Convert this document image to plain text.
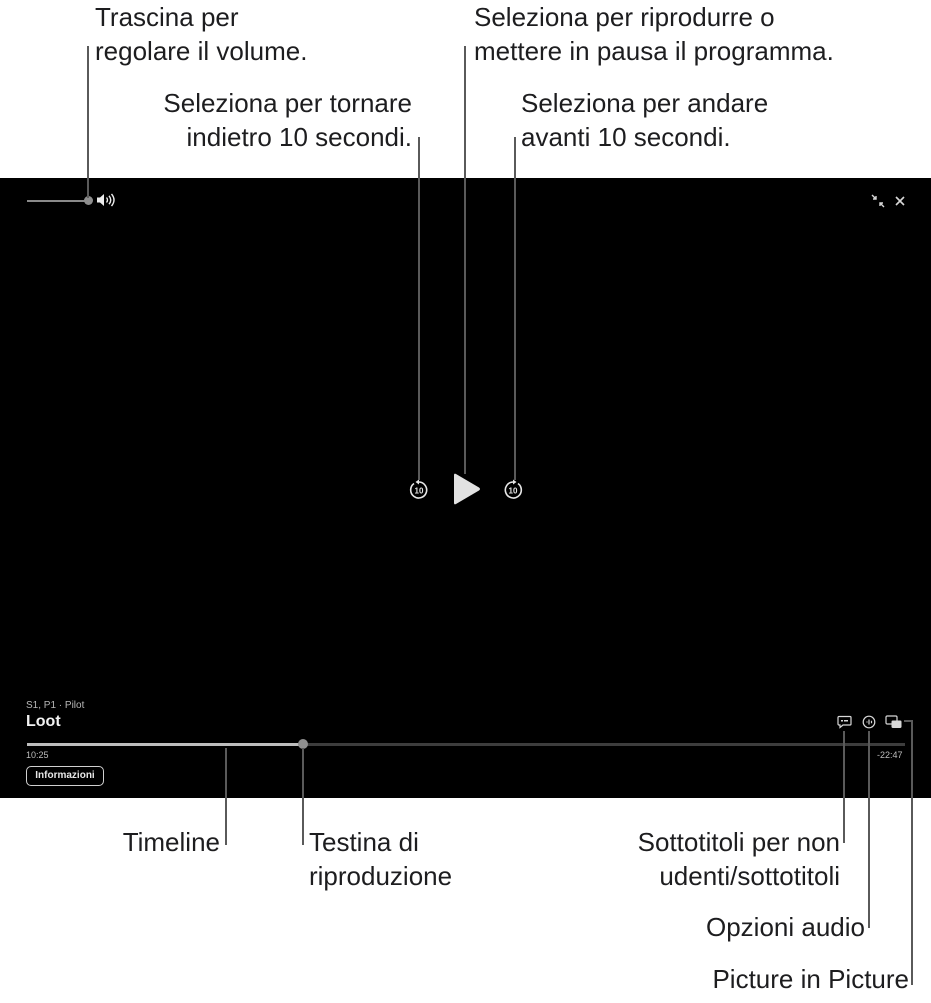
Trascina per
regolare il volume.

Seleziona per riprodurre o
mettere in pausa il programma.

Seleziona per tornare
indietro 10 secondi.

Seleziona per andare
avanti 10 secondi.

Timeline	Testina di
riproduzione

Sottotitoli per non
udenti/sottotitoli

Opzioni audio

Picture in Picture

10	10
S1, P1 · Pilot
Loot
10:25	-22:47
Informazioni
